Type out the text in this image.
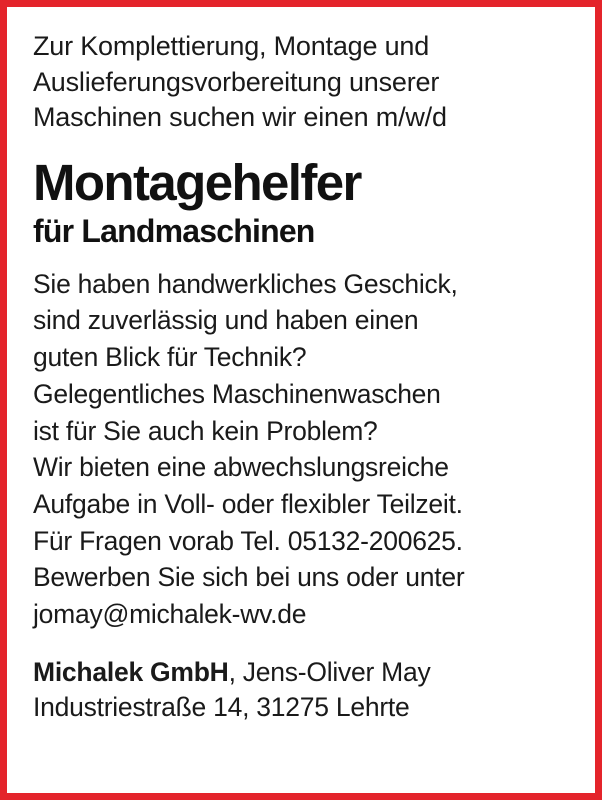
Zur Komplettierung, Montage und
Auslieferungsvorbereitung unserer
Maschinen suchen wir einen m/w/d
Montagehelfer
für Landmaschinen
Sie haben handwerkliches Geschick,
sind zuverlässig und haben einen
guten Blick für Technik?
Gelegentliches Maschinenwaschen
ist für Sie auch kein Problem?
Wir bieten eine abwechslungsreiche
Aufgabe in Voll- oder flexibler Teilzeit.
Für Fragen vorab Tel. 05132-200625.
Bewerben Sie sich bei uns oder unter
jomay@michalek-wv.de
Michalek GmbH, Jens-Oliver May
Industriestraße 14, 31275 Lehrte
